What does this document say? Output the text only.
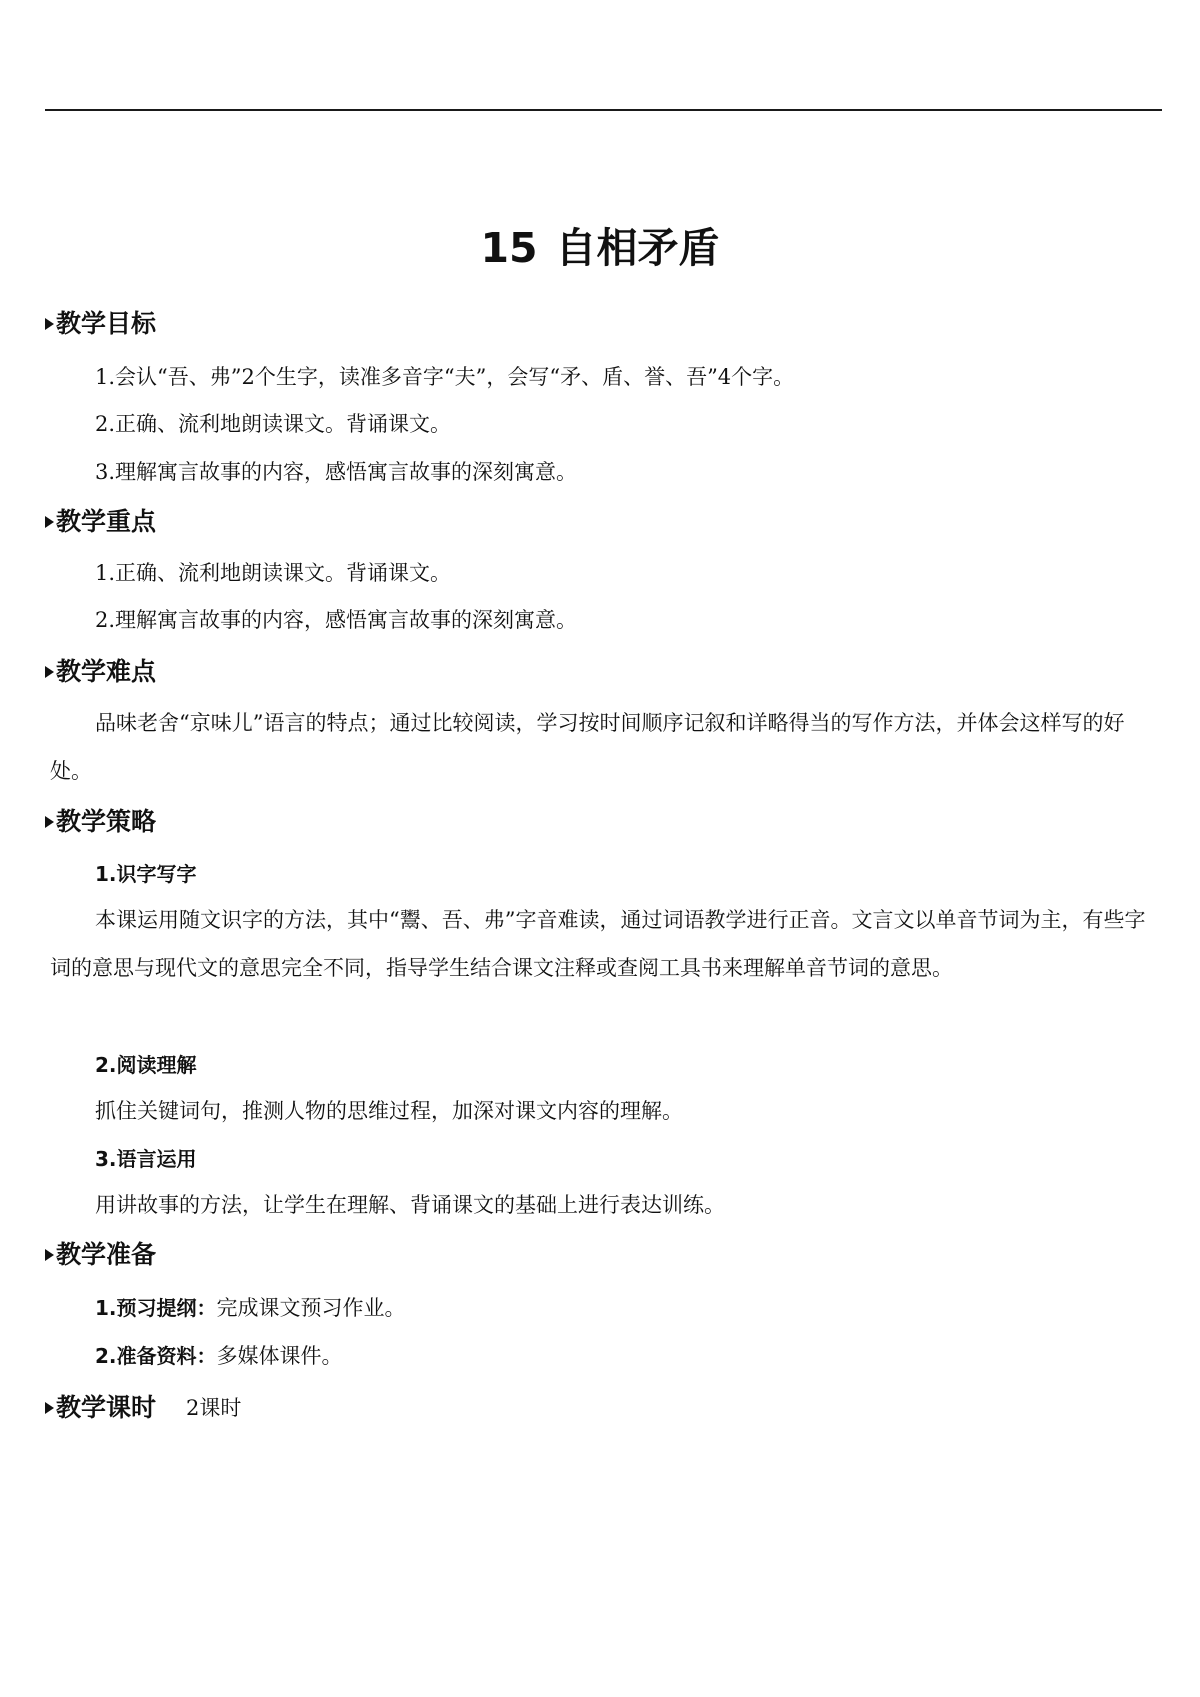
15 自相矛盾
教学目标
1.会认“吾、弗”2个生字，读准多音字“夫”，会写“矛、盾、誉、吾”4个字。
2.正确、流利地朗读课文。背诵课文。
3.理解寓言故事的内容，感悟寓言故事的深刻寓意。
教学重点
1.正确、流利地朗读课文。背诵课文。
2.理解寓言故事的内容，感悟寓言故事的深刻寓意。
教学难点
品味老舍“京味儿”语言的特点；通过比较阅读，学习按时间顺序记叙和详略得当的写作方法，并体会这样写的好处。
教学策略
1.识字写字
本课运用随文识字的方法，其中“鬻、吾、弗”字音难读，通过词语教学进行正音。文言文以单音节词为主，有些字词的意思与现代文的意思完全不同，指导学生结合课文注释或查阅工具书来理解单音节词的意思。
2.阅读理解
抓住关键词句，推测人物的思维过程，加深对课文内容的理解。
3.语言运用
用讲故事的方法，让学生在理解、背诵课文的基础上进行表达训练。
教学准备
1.预习提纲：完成课文预习作业。
2.准备资料：多媒体课件。
教学课时 2课时
